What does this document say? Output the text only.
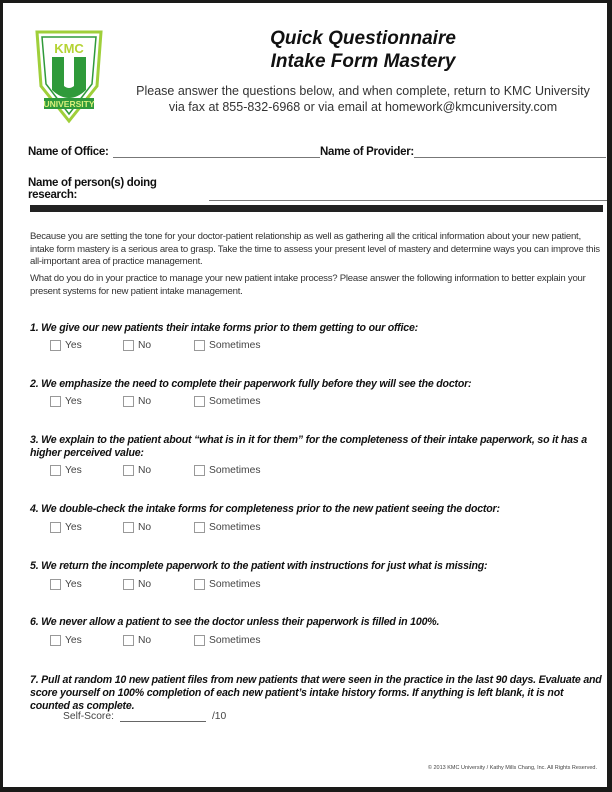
KMC
UNIVERSITY
Quick Questionnaire
Intake Form Mastery
Please answer the questions below, and when complete, return to KMC University
via fax at 855-832-6968 or via email at homework@kmcuniversity.com
Name of Office:	Name of Provider:
Name of person(s) doing research:
Because you are setting the tone for your doctor-patient relationship as well as gathering all the critical information about your new patient, intake form mastery is a serious area to grasp. Take the time to assess your present level of mastery and determine ways you can improve this all-important area of practice management.
What do you do in your practice to manage your new patient intake process? Please answer the following information to better explain your present systems for new patient intake management.
1. We give our new patients their intake forms prior to them getting to our office:
Yes	No	Sometimes
2. We emphasize the need to complete their paperwork fully before they will see the doctor:
Yes	No	Sometimes
3. We explain to the patient about “what is in it for them” for the completeness of their intake paperwork, so it has a higher perceived value:
Yes	No	Sometimes
4. We double-check the intake forms for completeness prior to the new patient seeing the doctor:
Yes	No	Sometimes
5. We return the incomplete paperwork to the patient with instructions for just what is missing:
Yes	No	Sometimes
6. We never allow a patient to see the doctor unless their paperwork is filled in 100%.
Yes	No	Sometimes
7. Pull at random 10 new patient files from new patients that were seen in the practice in the last 90 days. Evaluate and score yourself on 100% completion of each new patient’s intake history forms. If anything is left blank, it is not counted as complete.
Self-Score:	/10
© 2013 KMC University / Kathy Mills Chang, Inc. All Rights Reserved.
